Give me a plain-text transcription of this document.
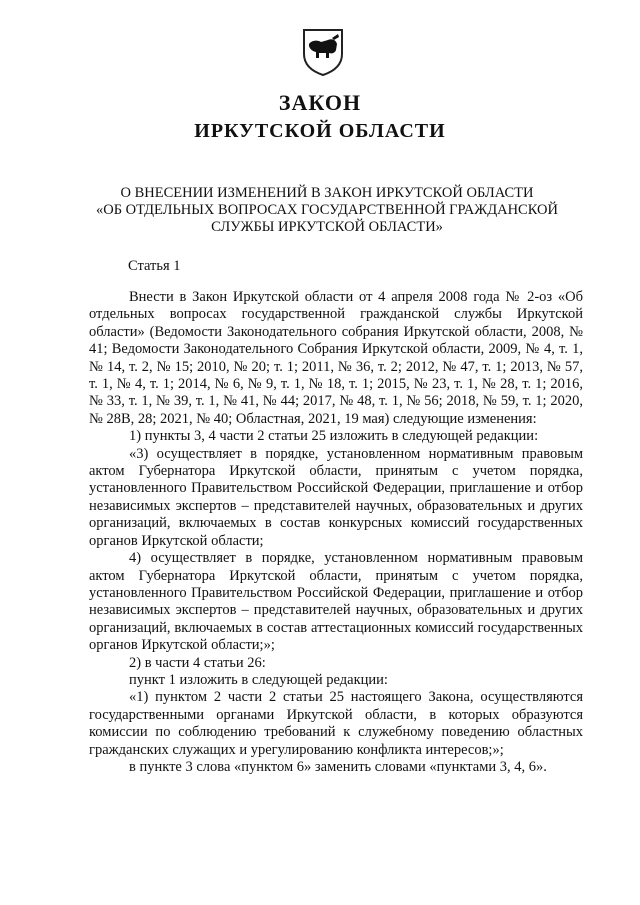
ЗАКОН
ИРКУТСКОЙ ОБЛАСТИ
О ВНЕСЕНИИ ИЗМЕНЕНИЙ В ЗАКОН ИРКУТСКОЙ ОБЛАСТИ
«ОБ ОТДЕЛЬНЫХ ВОПРОСАХ ГОСУДАРСТВЕННОЙ ГРАЖДАНСКОЙ
СЛУЖБЫ ИРКУТСКОЙ ОБЛАСТИ»
Статья 1

Внести в Закон Иркутской области от 4 апреля 2008 года № 2-оз «Об отдельных вопросах государственной гражданской службы Иркутской области» (Ведомости Законодательного собрания Иркутской области, 2008, № 41; Ведомости Законодательного Собрания Иркутской области, 2009, № 4, т. 1, № 14, т. 2, № 15; 2010, № 20; т. 1; 2011, № 36, т. 2; 2012, № 47, т. 1; 2013, № 57, т. 1, № 4, т. 1; 2014, № 6, № 9, т. 1, № 18, т. 1; 2015, № 23, т. 1, № 28, т. 1; 2016, № 33, т. 1, № 39, т. 1, № 41, № 44; 2017, № 48, т. 1, № 56; 2018, № 59, т. 1; 2020, № 28В, 28; 2021, № 40; Областная, 2021, 19 мая) следующие изменения:

1) пункты 3, 4 части 2 статьи 25 изложить в следующей редакции:

«3) осуществляет в порядке, установленном нормативным правовым актом Губернатора Иркутской области, принятым с учетом порядка, установленного Правительством Российской Федерации, приглашение и отбор независимых экспертов – представителей научных, образовательных и других организаций, включаемых в состав конкурсных комиссий государственных органов Иркутской области;

4) осуществляет в порядке, установленном нормативным правовым актом Губернатора Иркутской области, принятым с учетом порядка, установленного Правительством Российской Федерации, приглашение и отбор независимых экспертов – представителей научных, образовательных и других организаций, включаемых в состав аттестационных комиссий государственных органов Иркутской области;»;

2) в части 4 статьи 26:

пункт 1 изложить в следующей редакции:

«1) пунктом 2 части 2 статьи 25 настоящего Закона, осуществляются государственными органами Иркутской области, в которых образуются комиссии по соблюдению требований к служебному поведению областных гражданских служащих и урегулированию конфликта интересов;»;

в пункте 3 слова «пунктом 6» заменить словами «пунктами 3, 4, 6».
